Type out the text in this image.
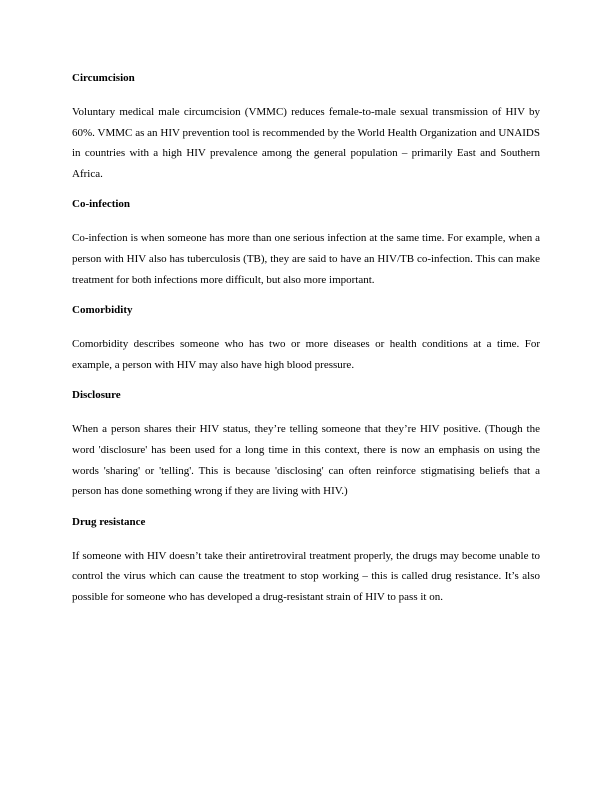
Circumcision

Voluntary medical male circumcision (VMMC) reduces female-to-male sexual transmission of HIV by 60%. VMMC as an HIV prevention tool is recommended by the World Health Organization and UNAIDS in countries with a high HIV prevalence among the general population – primarily East and Southern Africa.

Co-infection

Co-infection is when someone has more than one serious infection at the same time. For example, when a person with HIV also has tuberculosis (TB), they are said to have an HIV/TB co-infection. This can make treatment for both infections more difficult, but also more important.

Comorbidity

Comorbidity describes someone who has two or more diseases or health conditions at a time. For example, a person with HIV may also have high blood pressure.

Disclosure

When a person shares their HIV status, they’re telling someone that they’re HIV positive. (Though the word 'disclosure' has been used for a long time in this context, there is now an emphasis on using the words 'sharing' or 'telling'. This is because 'disclosing' can often reinforce stigmatising beliefs that a person has done something wrong if they are living with HIV.)

Drug resistance

If someone with HIV doesn’t take their antiretroviral treatment properly, the drugs may become unable to control the virus which can cause the treatment to stop working – this is called drug resistance. It’s also possible for someone who has developed a drug-resistant strain of HIV to pass it on.
